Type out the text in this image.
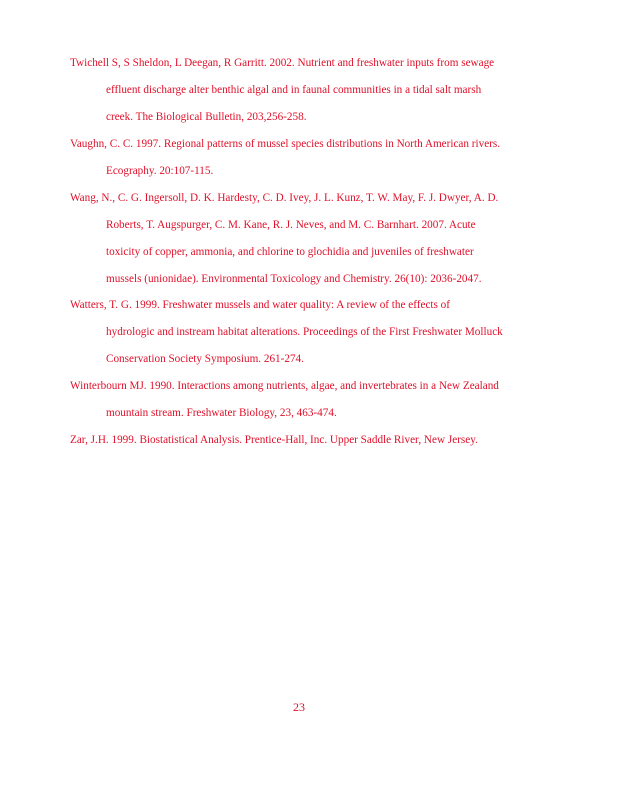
Twichell S, S Sheldon, L Deegan, R Garritt. 2002. Nutrient and freshwater inputs from sewage
effluent discharge alter benthic algal and in faunal communities in a tidal salt marsh
creek. The Biological Bulletin, 203,256-258.
Vaughn, C. C. 1997. Regional patterns of mussel species distributions in North American rivers.
Ecography. 20:107-115.
Wang, N., C. G. Ingersoll, D. K. Hardesty, C. D. Ivey, J. L. Kunz, T. W. May, F. J. Dwyer, A. D.
Roberts, T. Augspurger, C. M. Kane, R. J. Neves, and M. C. Barnhart. 2007. Acute
toxicity of copper, ammonia, and chlorine to glochidia and juveniles of freshwater
mussels (unionidae). Environmental Toxicology and Chemistry. 26(10): 2036-2047.
Watters, T. G. 1999. Freshwater mussels and water quality: A review of the effects of
hydrologic and instream habitat alterations. Proceedings of the First Freshwater Molluck
Conservation Society Symposium. 261-274.
Winterbourn MJ. 1990. Interactions among nutrients, algae, and invertebrates in a New Zealand
mountain stream. Freshwater Biology, 23, 463-474.
Zar, J.H. 1999. Biostatistical Analysis. Prentice-Hall, Inc. Upper Saddle River, New Jersey.
23
